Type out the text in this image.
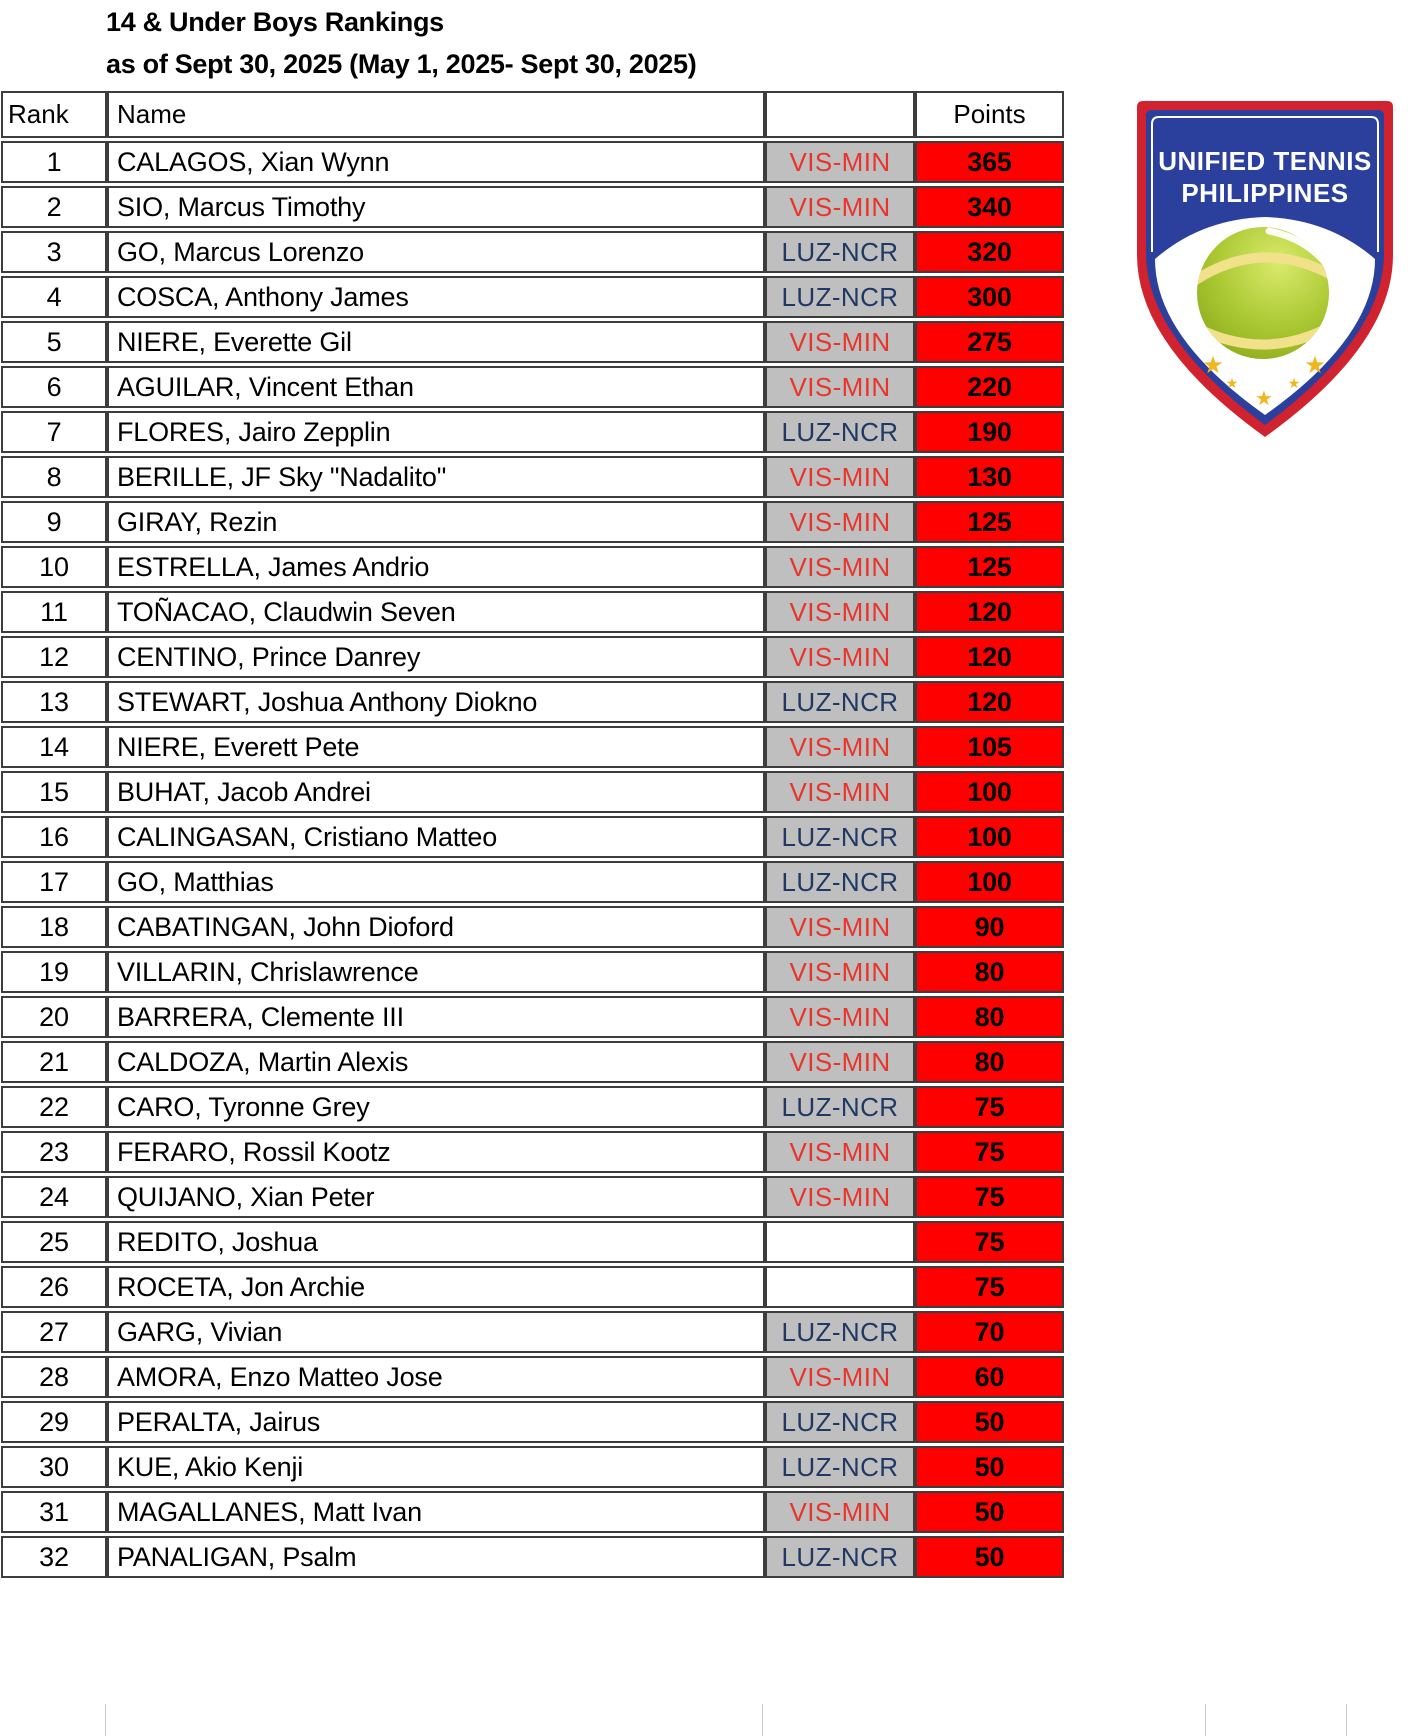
14 & Under Boys Rankings
as of Sept 30, 2025 (May 1, 2025- Sept 30, 2025)
Rank	Name		Points
1	CALAGOS, Xian Wynn	VIS-MIN	365
2	SIO, Marcus Timothy	VIS-MIN	340
3	GO, Marcus Lorenzo	LUZ-NCR	320
4	COSCA, Anthony James	LUZ-NCR	300
5	NIERE, Everette Gil	VIS-MIN	275
6	AGUILAR, Vincent Ethan	VIS-MIN	220
7	FLORES, Jairo Zepplin	LUZ-NCR	190
8	BERILLE, JF Sky "Nadalito"	VIS-MIN	130
9	GIRAY, Rezin	VIS-MIN	125
10	ESTRELLA, James Andrio	VIS-MIN	125
11	TOÑACAO, Claudwin Seven	VIS-MIN	120
12	CENTINO, Prince Danrey	VIS-MIN	120
13	STEWART, Joshua Anthony Diokno	LUZ-NCR	120
14	NIERE, Everett Pete	VIS-MIN	105
15	BUHAT, Jacob Andrei	VIS-MIN	100
16	CALINGASAN, Cristiano Matteo	LUZ-NCR	100
17	GO, Matthias	LUZ-NCR	100
18	CABATINGAN, John Dioford	VIS-MIN	90
19	VILLARIN, Chrislawrence	VIS-MIN	80
20	BARRERA, Clemente III	VIS-MIN	80
21	CALDOZA, Martin Alexis	VIS-MIN	80
22	CARO, Tyronne Grey	LUZ-NCR	75
23	FERARO, Rossil Kootz	VIS-MIN	75
24	QUIJANO, Xian Peter	VIS-MIN	75
25	REDITO, Joshua		75
26	ROCETA, Jon Archie		75
27	GARG, Vivian	LUZ-NCR	70
28	AMORA, Enzo Matteo Jose	VIS-MIN	60
29	PERALTA, Jairus	LUZ-NCR	50
30	KUE, Akio Kenji	LUZ-NCR	50
31	MAGALLANES, Matt Ivan	VIS-MIN	50
32	PANALIGAN, Psalm	LUZ-NCR	50
UNIFIED TENNIS
PHILIPPINES
★
★
★
★
★
